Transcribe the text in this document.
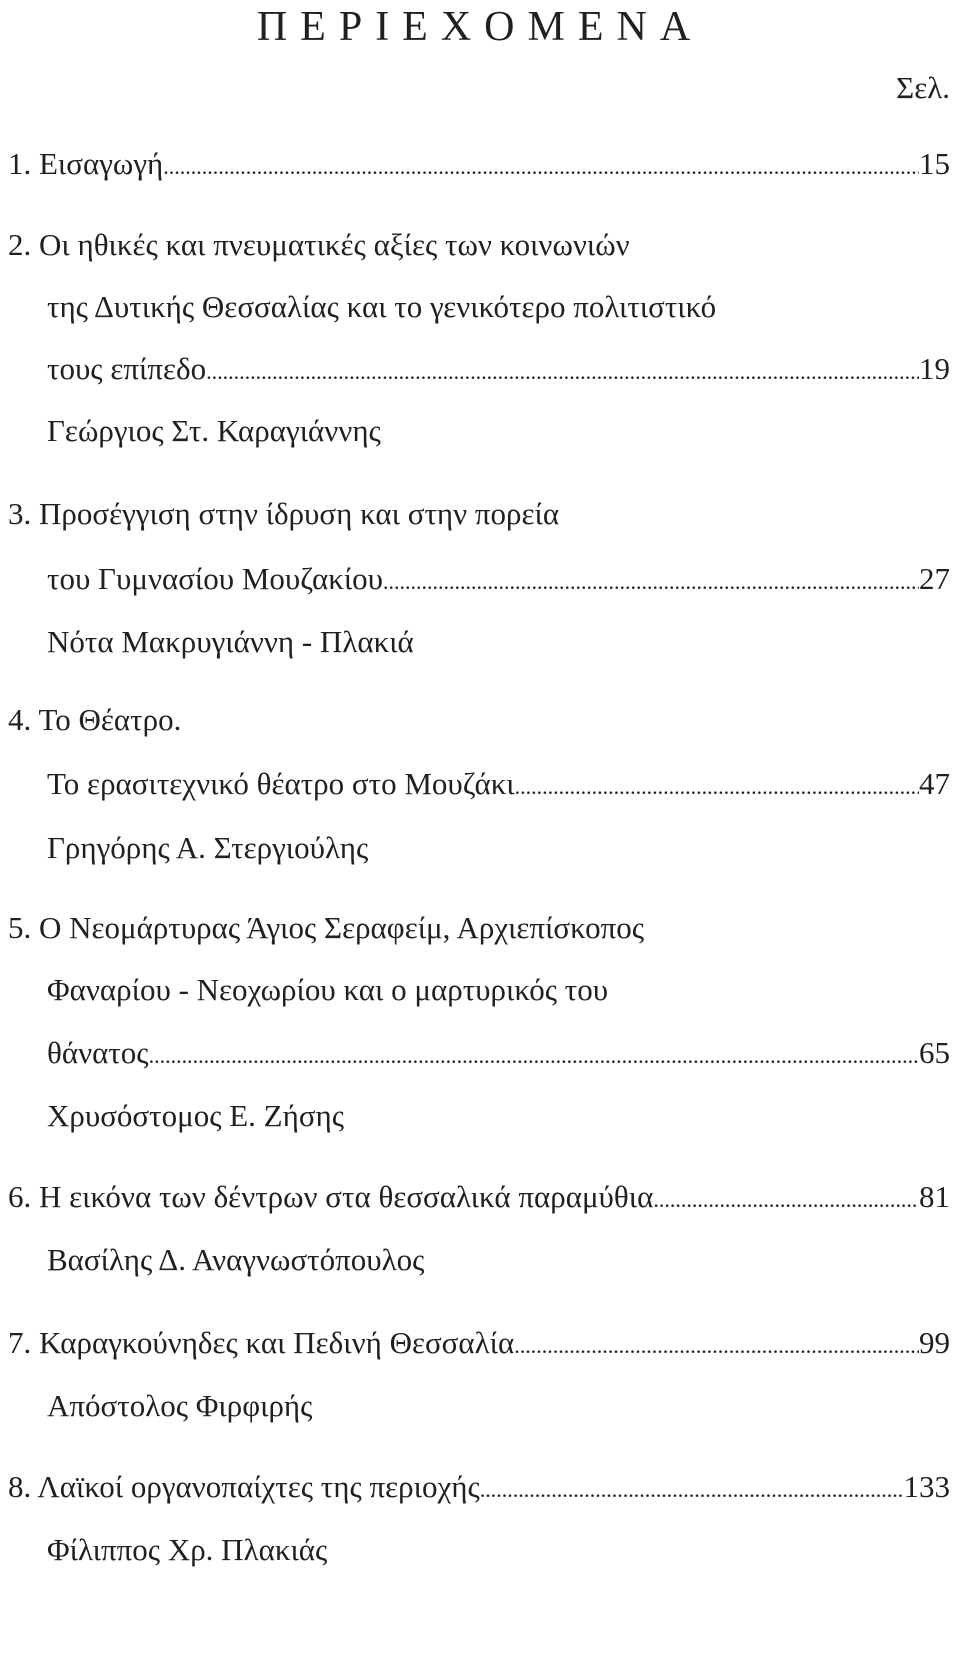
ΠΕΡΙΕΧΟΜΕΝΑ
Σελ.
1. Εισαγωγή .....	15
2. Οι ηθικές και πνευματικές αξίες των κοινωνιών
της Δυτικής Θεσσαλίας και το γενικότερο πολιτιστικό
τους επίπεδο .....	19
Γεώργιος Στ. Καραγιάννης
3. Προσέγγιση στην ίδρυση και στην πορεία
του Γυμνασίου Μουζακίου .....	27
Νότα Μακρυγιάννη - Πλακιά
4. Το Θέατρο.
Το ερασιτεχνικό θέατρο στο Μουζάκι .....	47
Γρηγόρης Α. Στεργιούλης
5. Ο Νεομάρτυρας Άγιος Σεραφείμ, Αρχιεπίσκοπος
Φαναρίου - Νεοχωρίου και ο μαρτυρικός του
θάνατος .....	65
Χρυσόστομος Ε. Ζήσης
6. Η εικόνα των δέντρων στα θεσσαλικά παραμύθια .....	81
Βασίλης Δ. Αναγνωστόπουλος
7. Καραγκούνηδες και Πεδινή Θεσσαλία .....	99
Απόστολος Φιρφιρής
8. Λαϊκοί οργανοπαίχτες της περιοχής .....	133
Φίλιππος Χρ. Πλακιάς
